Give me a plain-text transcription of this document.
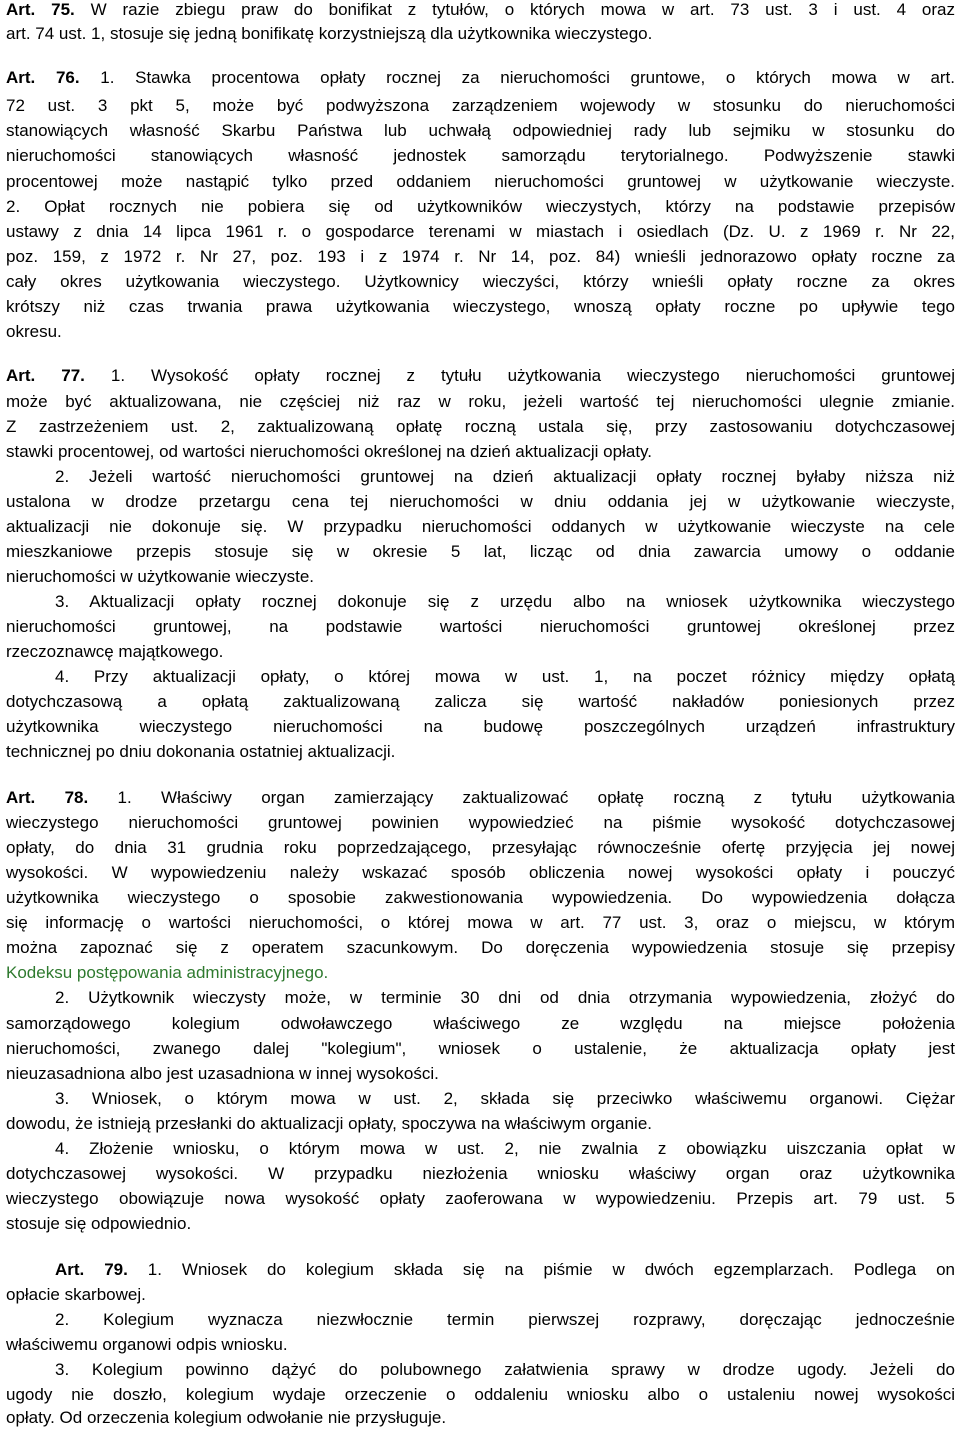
Art. 75. W razie zbiegu praw do bonifikat z tytułów, o których mowa w art. 73 ust. 3 i ust. 4 oraz
art. 74 ust. 1, stosuje się jedną bonifikatę korzystniejszą dla użytkownika wieczystego.
Art. 76. 1. Stawka procentowa opłaty rocznej za nieruchomości gruntowe, o których mowa w art.
72 ust. 3 pkt 5, może być podwyższona zarządzeniem wojewody w stosunku do nieruchomości
stanowiących własność Skarbu Państwa lub uchwałą odpowiedniej rady lub sejmiku w stosunku do
nieruchomości stanowiących własność jednostek samorządu terytorialnego. Podwyższenie stawki
procentowej może nastąpić tylko przed oddaniem nieruchomości gruntowej w użytkowanie wieczyste.
2. Opłat rocznych nie pobiera się od użytkowników wieczystych, którzy na podstawie przepisów
ustawy z dnia 14 lipca 1961 r. o gospodarce terenami w miastach i osiedlach (Dz. U. z 1969 r. Nr 22,
poz. 159, z 1972 r. Nr 27, poz. 193 i z 1974 r. Nr 14, poz. 84) wnieśli jednorazowo opłaty roczne za
cały okres użytkowania wieczystego. Użytkownicy wieczyści, którzy wnieśli opłaty roczne za okres
krótszy niż czas trwania prawa użytkowania wieczystego, wnoszą opłaty roczne po upływie tego
okresu.
Art. 77. 1. Wysokość opłaty rocznej z tytułu użytkowania wieczystego nieruchomości gruntowej
może być aktualizowana, nie częściej niż raz w roku, jeżeli wartość tej nieruchomości ulegnie zmianie.
Z zastrzeżeniem ust. 2, zaktualizowaną opłatę roczną ustala się, przy zastosowaniu dotychczasowej
stawki procentowej, od wartości nieruchomości określonej na dzień aktualizacji opłaty.
2. Jeżeli wartość nieruchomości gruntowej na dzień aktualizacji opłaty rocznej byłaby niższa niż
ustalona w drodze przetargu cena tej nieruchomości w dniu oddania jej w użytkowanie wieczyste,
aktualizacji nie dokonuje się. W przypadku nieruchomości oddanych w użytkowanie wieczyste na cele
mieszkaniowe przepis stosuje się w okresie 5 lat, licząc od dnia zawarcia umowy o oddanie
nieruchomości w użytkowanie wieczyste.
3. Aktualizacji opłaty rocznej dokonuje się z urzędu albo na wniosek użytkownika wieczystego
nieruchomości gruntowej, na podstawie wartości nieruchomości gruntowej określonej przez
rzeczoznawcę majątkowego.
4. Przy aktualizacji opłaty, o której mowa w ust. 1, na poczet różnicy między opłatą
dotychczasową a opłatą zaktualizowaną zalicza się wartość nakładów poniesionych przez
użytkownika wieczystego nieruchomości na budowę poszczególnych urządzeń infrastruktury
technicznej po dniu dokonania ostatniej aktualizacji.
Art. 78. 1. Właściwy organ zamierzający zaktualizować opłatę roczną z tytułu użytkowania
wieczystego nieruchomości gruntowej powinien wypowiedzieć na piśmie wysokość dotychczasowej
opłaty, do dnia 31 grudnia roku poprzedzającego, przesyłając równocześnie ofertę przyjęcia jej nowej
wysokości. W wypowiedzeniu należy wskazać sposób obliczenia nowej wysokości opłaty i pouczyć
użytkownika wieczystego o sposobie zakwestionowania wypowiedzenia. Do wypowiedzenia dołącza
się informację o wartości nieruchomości, o której mowa w art. 77 ust. 3, oraz o miejscu, w którym
można zapoznać się z operatem szacunkowym. Do doręczenia wypowiedzenia stosuje się przepisy
Kodeksu postępowania administracyjnego.
2. Użytkownik wieczysty może, w terminie 30 dni od dnia otrzymania wypowiedzenia, złożyć do
samorządowego kolegium odwoławczego właściwego ze względu na miejsce położenia
nieruchomości, zwanego dalej "kolegium", wniosek o ustalenie, że aktualizacja opłaty jest
nieuzasadniona albo jest uzasadniona w innej wysokości.
3. Wniosek, o którym mowa w ust. 2, składa się przeciwko właściwemu organowi. Ciężar
dowodu, że istnieją przesłanki do aktualizacji opłaty, spoczywa na właściwym organie.
4. Złożenie wniosku, o którym mowa w ust. 2, nie zwalnia z obowiązku uiszczania opłat w
dotychczasowej wysokości. W przypadku niezłożenia wniosku właściwy organ oraz użytkownika
wieczystego obowiązuje nowa wysokość opłaty zaoferowana w wypowiedzeniu. Przepis art. 79 ust. 5
stosuje się odpowiednio.
Art. 79. 1. Wniosek do kolegium składa się na piśmie w dwóch egzemplarzach. Podlega on
opłacie skarbowej.
2. Kolegium wyznacza niezwłocznie termin pierwszej rozprawy, doręczając jednocześnie
właściwemu organowi odpis wniosku.
3. Kolegium powinno dążyć do polubownego załatwienia sprawy w drodze ugody. Jeżeli do
ugody nie doszło, kolegium wydaje orzeczenie o oddaleniu wniosku albo o ustaleniu nowej wysokości
opłaty. Od orzeczenia kolegium odwołanie nie przysługuje.
